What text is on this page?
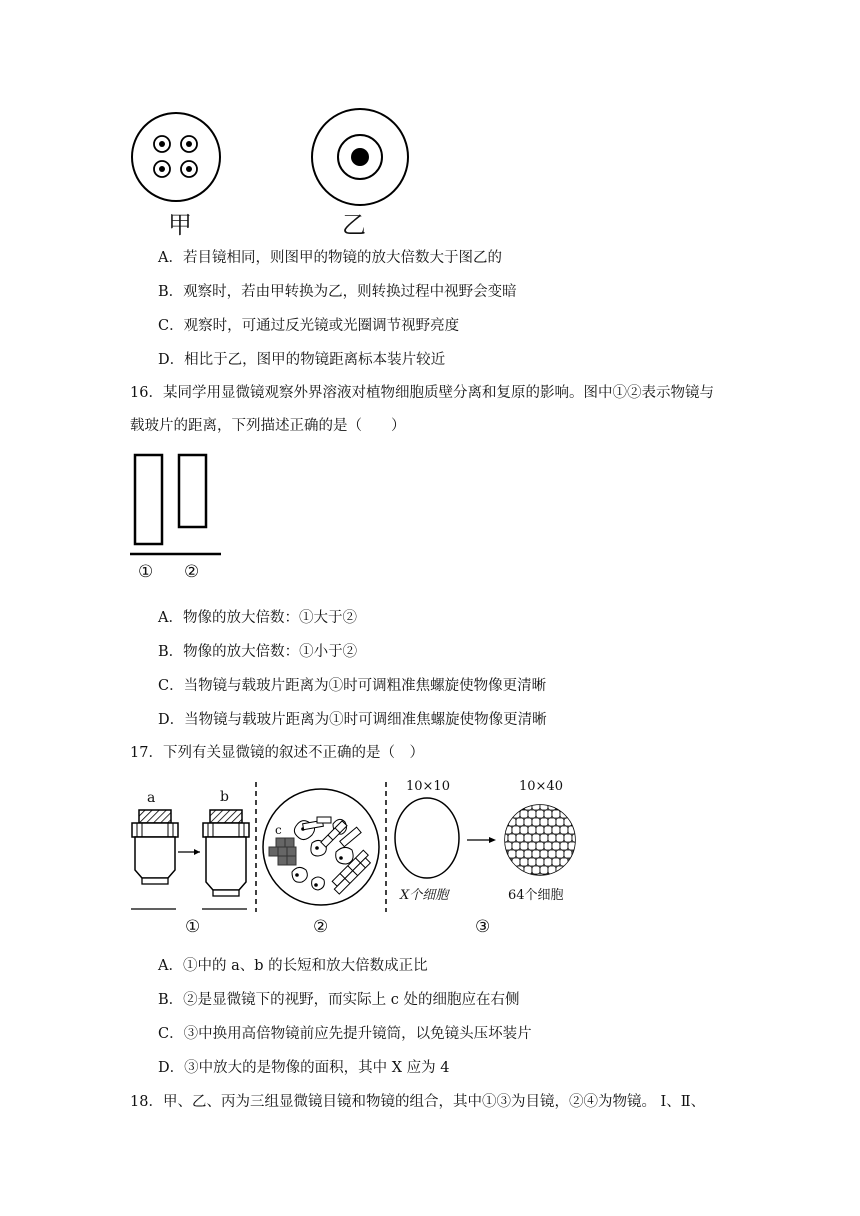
甲	乙
A．若目镜相同，则图甲的物镜的放大倍数大于图乙的
B．观察时，若由甲转换为乙，则转换过程中视野会变暗
C．观察时，可通过反光镜或光圈调节视野亮度
D．相比于乙，图甲的物镜距离标本装片较近
16．某同学用显微镜观察外界溶液对植物细胞质壁分离和复原的影响。图中①②表示物镜与
载玻片的距离，下列描述正确的是（　　）
① ②
A．物像的放大倍数：①大于②
B．物像的放大倍数：①小于②
C．当物镜与载玻片距离为①时可调粗准焦螺旋使物像更清晰
D．当物镜与载玻片距离为①时可调细准焦螺旋使物像更清晰
17．下列有关显微镜的叙述不正确的是（　）
a	b
c
10×10	10×40
X个细胞	64个细胞
①	②	③
A．①中的 a、b 的长短和放大倍数成正比
B．②是显微镜下的视野，而实际上 c 处的细胞应在右侧
C．③中换用高倍物镜前应先提升镜筒，以免镜头压坏装片
D．③中放大的是物像的面积，其中 X 应为 4
18．甲、乙、丙为三组显微镜目镜和物镜的组合，其中①③为目镜，②④为物镜。 Ⅰ、Ⅱ、
